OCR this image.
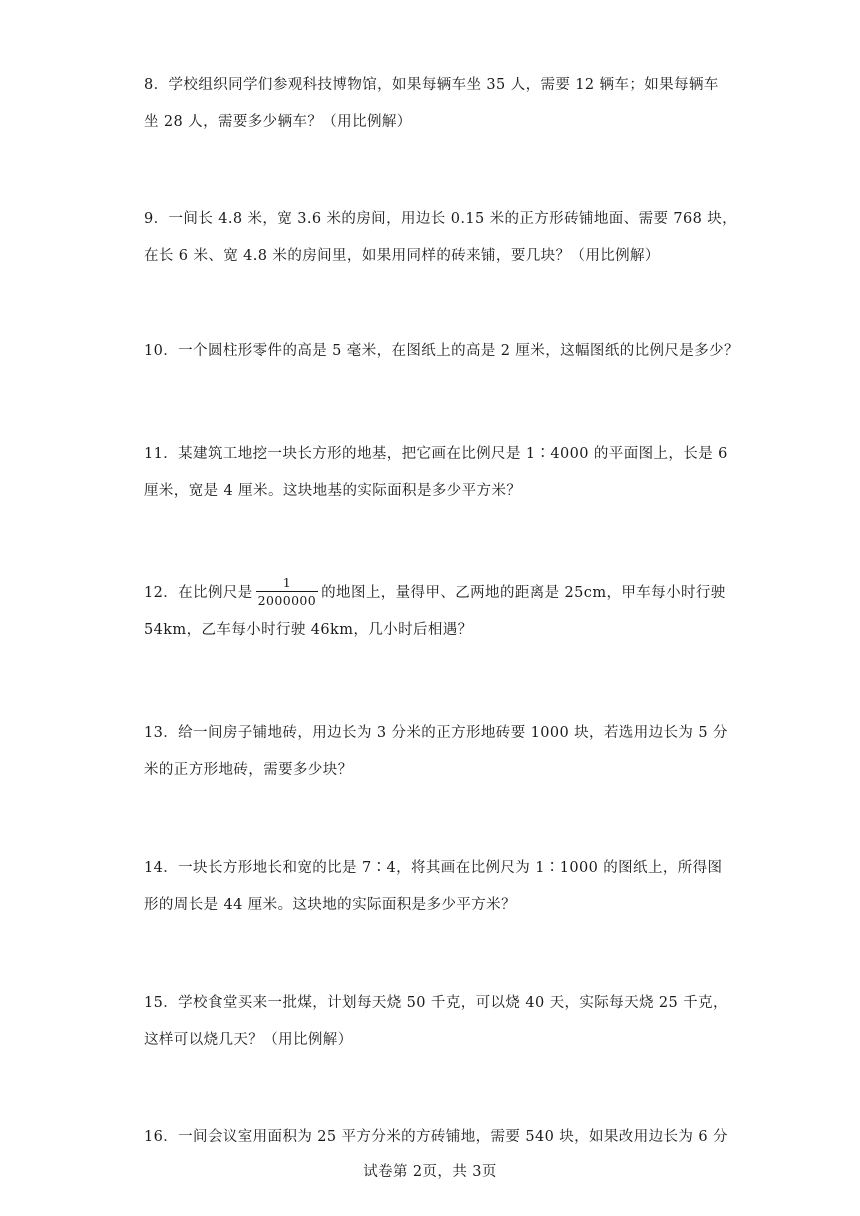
8．学校组织同学们参观科技博物馆，如果每辆车坐 35 人，需要 12 辆车；如果每辆车
坐 28 人，需要多少辆车？（用比例解）
9．一间长 4.8 米，宽 3.6 米的房间，用边长 0.15 米的正方形砖铺地面、需要 768 块，
在长 6 米、宽 4.8 米的房间里，如果用同样的砖来铺，要几块？（用比例解）
10．一个圆柱形零件的高是 5 毫米，在图纸上的高是 2 厘米，这幅图纸的比例尺是多少？
11．某建筑工地挖一块长方形的地基，把它画在比例尺是 1∶4000 的平面图上，长是 6
厘米，宽是 4 厘米。这块地基的实际面积是多少平方米？
12．在比例尺是 $\frac{1}{2000000}$ 的地图上，量得甲、乙两地的距离是 25cm，甲车每小时行驶
54km，乙车每小时行驶 46km，几小时后相遇？
13．给一间房子铺地砖，用边长为 3 分米的正方形地砖要 1000 块，若选用边长为 5 分
米的正方形地砖，需要多少块？
14．一块长方形地长和宽的比是 7∶4，将其画在比例尺为 1∶1000 的图纸上，所得图
形的周长是 44 厘米。这块地的实际面积是多少平方米？
15．学校食堂买来一批煤，计划每天烧 50 千克，可以烧 40 天，实际每天烧 25 千克，
这样可以烧几天？（用比例解）
16．一间会议室用面积为 25 平方分米的方砖铺地，需要 540 块，如果改用边长为 6 分
试卷第 2页，共 3页
